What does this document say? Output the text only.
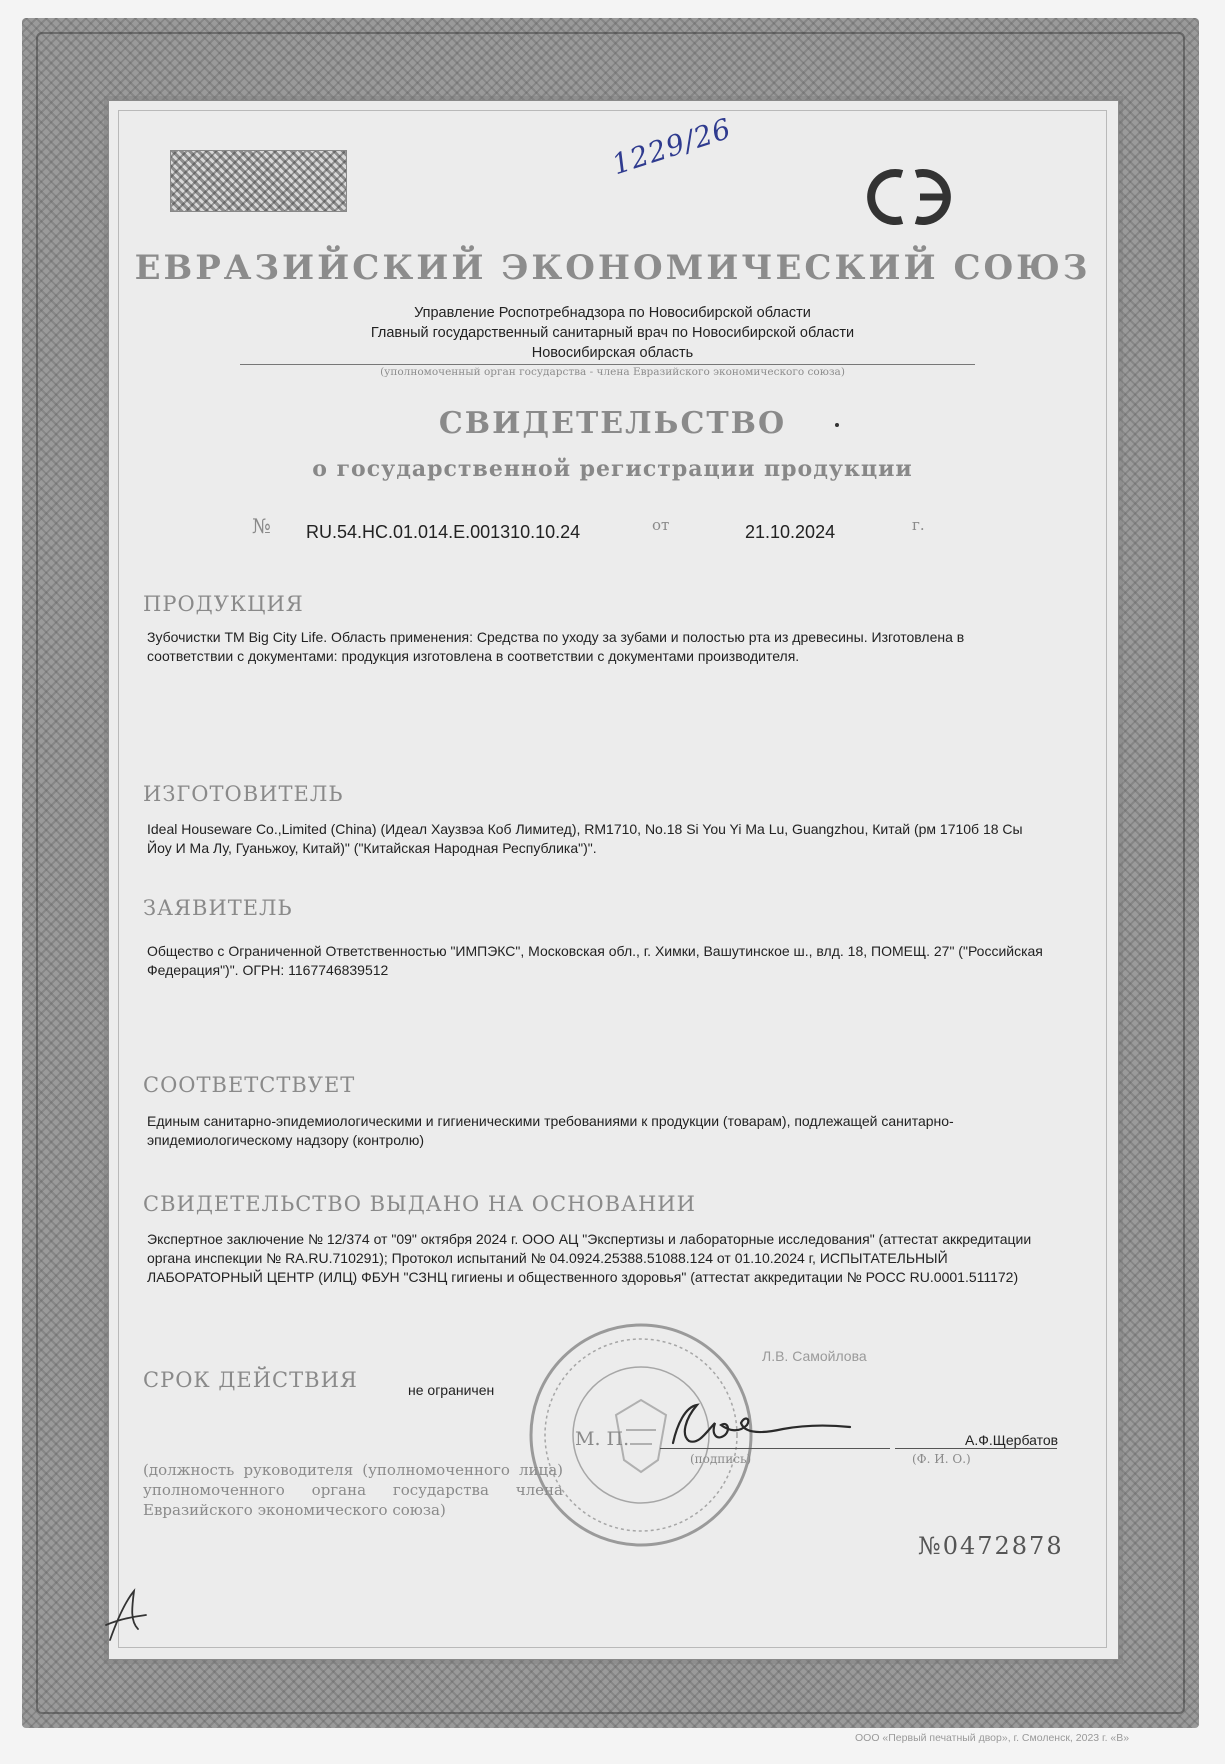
1229/26
ЕВРАЗИЙСКИЙ ЭКОНОМИЧЕСКИЙ СОЮЗ
Управление Роспотребнадзора по Новосибирской области
Главный государственный санитарный врач по Новосибирской области
Новосибирская область
(уполномоченный орган государства - члена Евразийского экономического союза)
СВИДЕТЕЛЬСТВО
о государственной регистрации продукции
№ RU.54.НС.01.014.Е.001310.10.24	от	21.10.2024	г.
ПРОДУКЦИЯ
Зубочистки ТМ Big City Life. Область применения: Средства по уходу за зубами и полостью рта из древесины. Изготовлена в соответствии с документами: продукция изготовлена в соответствии с документами производителя.
ИЗГОТОВИТЕЛЬ
Ideal Houseware Co.,Limited (China) (Идеал Хаузвэа Коб Лимитед), RM1710, No.18 Si You Yi Ma Lu, Guangzhou, Китай (рм 1710б 18 Сы Йоу И Ма Лу, Гуаньжоу, Китай)" ("Китайская Народная Республика")".
ЗАЯВИТЕЛЬ
Общество с Ограниченной Ответственностью "ИМПЭКС", Московская обл., г. Химки, Вашутинское ш., влд. 18, ПОМЕЩ. 27" ("Российская Федерация")". ОГРН: 1167746839512
СООТВЕТСТВУЕТ
Единым санитарно-эпидемиологическими и гигиеническими требованиями к продукции (товарам), подлежащей санитарно-эпидемиологическому надзору (контролю)
СВИДЕТЕЛЬСТВО ВЫДАНО НА ОСНОВАНИИ
Экспертное заключение № 12/374 от "09" октября 2024 г. ООО АЦ "Экспертизы и лабораторные исследования" (аттестат аккредитации органа инспекции № RA.RU.710291); Протокол испытаний № 04.0924.25388.51088.124 от 01.10.2024 г, ИСПЫТАТЕЛЬНЫЙ ЛАБОРАТОРНЫЙ ЦЕНТР (ИЛЦ) ФБУН "СЗНЦ гигиены и общественного здоровья" (аттестат аккредитации № РОСС RU.0001.511172)
СРОК ДЕЙСТВИЯ	не ограничен
Л.В. Самойлова
М. П.
(подпись)	(Ф. И. О.)
А.Ф.Щербатов
(должность руководителя (уполномоченного лица) уполномоченного органа государства члена Евразийского экономического союза)
№0472878
ООО «Первый печатный двор», г. Смоленск, 2023 г. «В»
